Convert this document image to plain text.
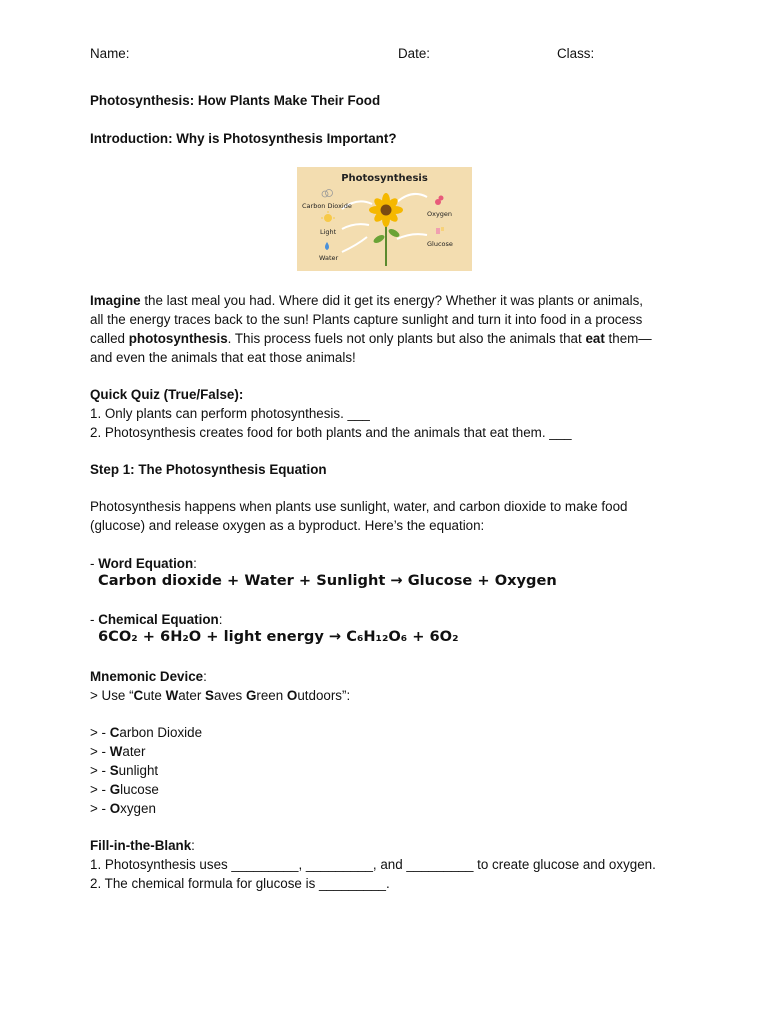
Name:	Date:	Class:
Photosynthesis: How Plants Make Their Food
Introduction: Why is Photosynthesis Important?
Photosynthesis
Carbon Dioxide
Light
Water
Oxygen
Glucose
Imagine the last meal you had. Where did it get its energy? Whether it was plants or animals,
all the energy traces back to the sun! Plants capture sunlight and turn it into food in a process
called photosynthesis. This process fuels not only plants but also the animals that eat them—
and even the animals that eat those animals!
Quick Quiz (True/False):
1. Only plants can perform photosynthesis. ___
2. Photosynthesis creates food for both plants and the animals that eat them. ___
Step 1: The Photosynthesis Equation
Photosynthesis happens when plants use sunlight, water, and carbon dioxide to make food
(glucose) and release oxygen as a byproduct. Here’s the equation:
- Word Equation:
Carbon dioxide + Water + Sunlight → Glucose + Oxygen
- Chemical Equation:
6CO₂ + 6H₂O + light energy → C₆H₁₂O₆ + 6O₂
Mnemonic Device:
> Use “Cute Water Saves Green Outdoors”:
> - Carbon Dioxide
> - Water
> - Sunlight
> - Glucose
> - Oxygen
Fill-in-the-Blank:
1. Photosynthesis uses _________, _________, and _________ to create glucose and oxygen.
2. The chemical formula for glucose is _________.
